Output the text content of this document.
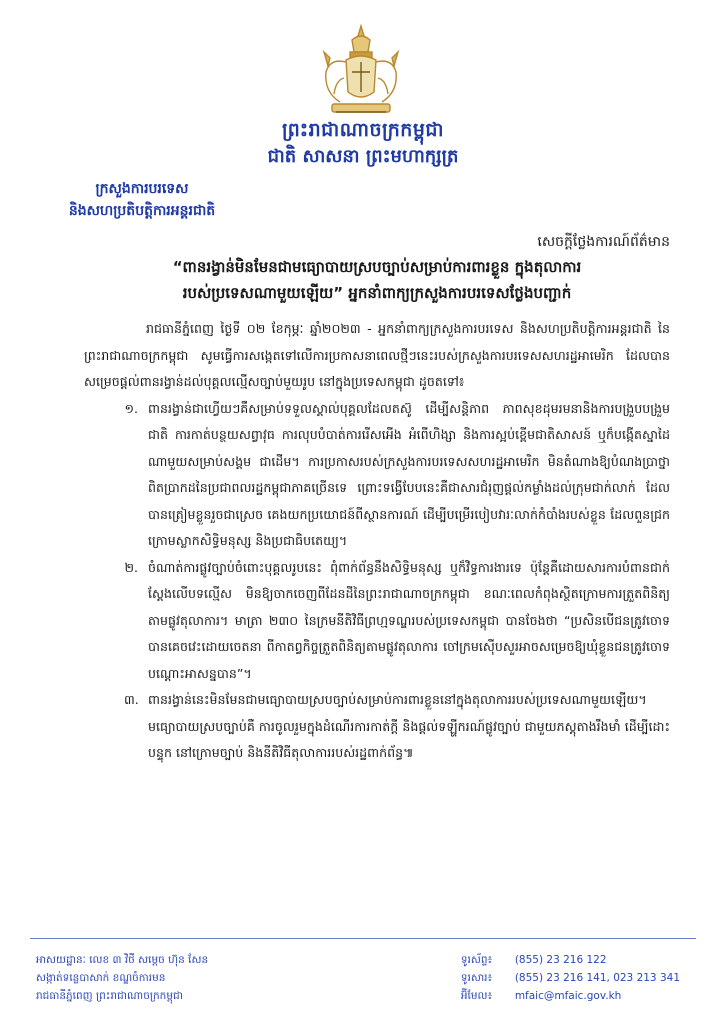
ព្រះរាជាណាចក្រកម្ពុជា
ជាតិ សាសនា ព្រះមហាក្សត្រ
ក្រសួងការបរទេស
និងសហប្រតិបត្តិការអន្តរជាតិ
សេចក្តីថ្លែងការណ៍ព័ត៌មាន
“ពានរង្វាន់មិនមែនជាមធ្យោបាយស្របច្បាប់សម្រាប់ការពារខ្លួន ក្នុងតុលាការ
របស់ប្រទេសណាមួយឡើយ” អ្នកនាំពាក្យក្រសួងការបរទេសថ្លែងបញ្ជាក់

រាជធានីភ្នំពេញ ថ្ងៃទី ០២ ខែកុម្ភៈ ឆ្នាំ២០២៣ - អ្នកនាំពាក្យក្រសួងការបរទេស និងសហប្រតិបត្តិការអន្តរជាតិ នៃព្រះរាជាណាចក្រកម្ពុជា សូមធ្វើការសង្កេតទៅលើការប្រកាសនាពេលថ្មីៗនេះរបស់ក្រសួងការបរទេសសហរដ្ឋអាមេរិក ដែលបានសម្រេចផ្តល់ពានរង្វាន់ដល់បុគ្គលល្មើសច្បាប់មួយរូប នៅក្នុងប្រទេសកម្ពុជា ដូចតទៅ៖

១. ពានរង្វាន់ជាហ្វើយៗគឺសម្រាប់ទទួលស្គាល់បុគ្គលដែលតស៊ូ ដើម្បីសន្តិភាព ភាពសុខដុមរមនានិងការបង្រួបបង្រួមជាតិ ការកាត់បន្ថយសព្វាវុធ ការលុបបំបាត់ការរើសអើង អំពើហិង្សា និងការស្អប់ខ្ពើមជាតិសាសន៍ ឬក៏បង្កើតស្នាដៃណាមួយសម្រាប់សង្គម ជាដើម។ ការប្រកាសរបស់ក្រសួងការបរទេសសហរដ្ឋអាមេរិក មិនតំណាងឱ្យបំណងប្រាថ្នាពិតប្រាកដនៃប្រជាពលរដ្ឋកម្ពុជាភាគច្រើនទេ ព្រោះទង្វើបែបនេះគឺជាសារជំរុញផ្តល់កម្លាំងដល់ក្រុមជាក់លាក់ ដែលបានត្រៀមខ្លួនរួចជាស្រេច គេងយកប្រយោជន៍ពីស្ថានការណ៍ ដើម្បីបម្រើរបៀបវារៈលាក់កំបាំងរបស់ខ្លួន ដែលពួនជ្រកក្រោមស្លាកសិទ្ធិមនុស្ស និងប្រជាធិបតេយ្យ។
២. ចំណាត់ការផ្លូវច្បាប់ចំពោះបុគ្គលរូបនេះ ពុំពាក់ព័ន្ធនឹងសិទ្ធិមនុស្ស ឬក៏វិទ្ធការងារទេ ប៉ុន្តែគឺដោយសារការបំពានជាក់ស្តែងលើបទល្មើស មិនឱ្យចាកចេញពីដែនដីនៃព្រះរាជាណាចក្រកម្ពុជា ខណៈពេលកំពុងស្ថិតក្រោមការត្រួតពិនិត្យតាមផ្លូវតុលាការ។ មាត្រា ២៣០ នៃក្រមនីតិវិធីព្រហ្មទណ្ឌរបស់ប្រទេសកម្ពុជា បានចែងថា “ប្រសិនបើជនត្រូវចោទបានគេចវេះដោយចេតនា ពីកាតព្វកិច្ចត្រួតពិនិត្យតាមផ្លូវតុលាការ ចៅក្រមស៊ើបសួរអាចសម្រេចឱ្យឃុំខ្លួនជនត្រូវចោទ បណ្តោះអាសន្នបាន”។
៣. ពានរង្វាន់នេះមិនមែនជាមធ្យោបាយស្របច្បាប់សម្រាប់ការពារខ្លួននៅក្នុងតុលាការរបស់ប្រទេសណាមួយឡើយ។ មធ្យោបាយស្របច្បាប់គឺ ការចូលរួមក្នុងដំណើរការកាត់ក្តី និងផ្តល់ទឡ្ហីករណ៍ផ្លូវច្បាប់ ជាមួយភស្តុតាងរឹងមាំ ដើម្បីដោះបន្ទុក នៅក្រោមច្បាប់ និងនីតិវិធីតុលាការរបស់រដ្ឋពាក់ព័ន្ធ៕
អាសយដ្ឋានៈ លេខ ៣ វិថី សម្ដេច ហ៊ុន សែន
សង្កាត់ទន្លេបាសាក់ ខណ្ឌចំការមន
រាជធានីភ្នំពេញ ព្រះរាជាណាចក្រកម្ពុជា
ទូរស័ព្ទ៖	(855) 23 216 122
ទូរសារ៖	(855) 23 216 141, 023 213 341
អ៊ីមែល៖	mfaic@mfaic.gov.kh
